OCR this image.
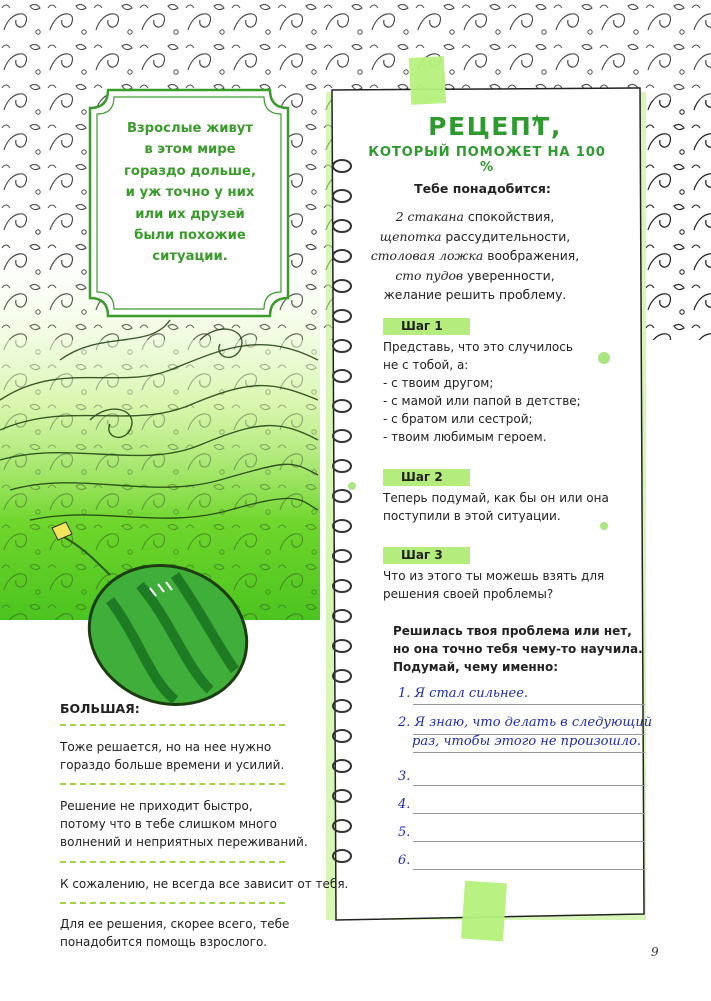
Взрослые живут
в этом мире
гораздо дольше,
и уж точно у них
или их друзей
были похожие
ситуации.
РЕЦЕПТ,
КОТОРЫЙ ПОМОЖЕТ НА 100 %
Тебе понадобится:
2 стакана спокойствия,
щепотка рассудительности,
столовая ложка воображения,
сто пудов уверенности,
желание решить проблему.
Шаг 1
Представь, что это случилось
не с тобой, а:
- с твоим другом;
- с мамой или папой в детстве;
- с братом или сестрой;
- твоим любимым героем.
Шаг 2
Теперь подумай, как бы он или она
поступили в этой ситуации.
Шаг 3
Что из этого ты можешь взять для
решения своей проблемы?
Решилась твоя проблема или нет,
но она точно тебя чему-то научила.
Подумай, чему именно:
1. Я стал сильнее.
2. Я знаю, что делать в следующий
раз, чтобы этого не произошло.
3.
4.
5.
6.
БОЛЬШАЯ:
Тоже решается, но на нее нужно
гораздо больше времени и усилий.
Решение не приходит быстро,
потому что в тебе слишком много
волнений и неприятных переживаний.
К сожалению, не всегда все зависит от тебя.
Для ее решения, скорее всего, тебе
понадобится помощь взрослого.
9
